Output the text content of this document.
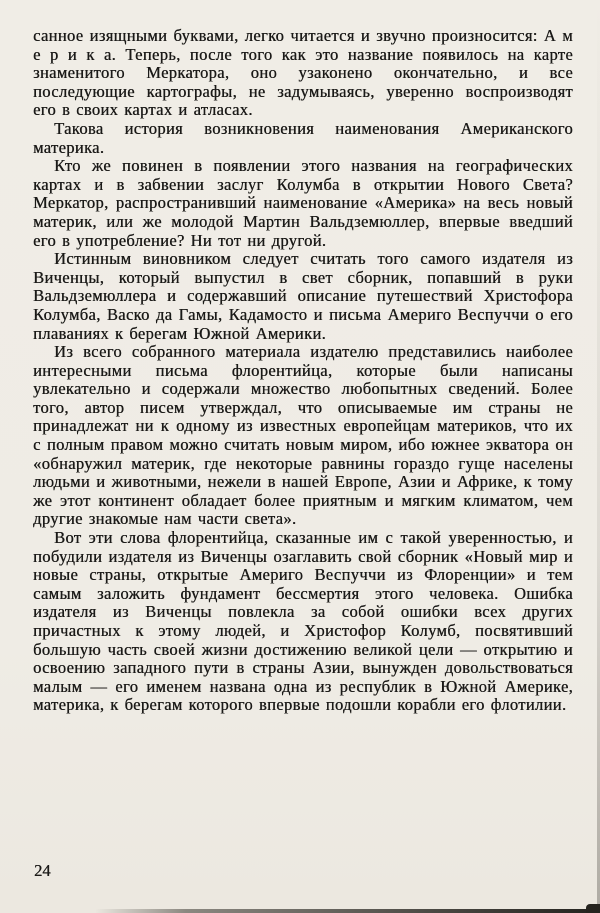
санное изящными буквами, легко читается и звучно произносится: А м е р и к а. Теперь, после того как это название появилось на карте знаменитого Меркатора, оно узаконено окончательно, и все последующие картографы, не задумываясь, уверенно воспроизводят его в своих картах и атласах.

Такова история возникновения наименования Американского материка.

Кто же повинен в появлении этого названия на географических картах и в забвении заслуг Колумба в открытии Нового Света? Меркатор, распространивший наименование «Америка» на весь новый материк, или же молодой Мартин Вальдземюллер, впервые введший его в употребление? Ни тот ни другой.

Истинным виновником следует считать того самого издателя из Виченцы, который выпустил в свет сборник, попавший в руки Вальдземюллера и содержавший описание путешествий Христофора Колумба, Васко да Гамы, Кадамосто и письма Америго Веспуччи о его плаваниях к берегам Южной Америки.

Из всего собранного материала издателю представились наиболее интересными письма флорентийца, которые были написаны увлекательно и содержали множество любопытных сведений. Более того, автор писем утверждал, что описываемые им страны не принадлежат ни к одному из известных европейцам материков, что их с полным правом можно считать новым миром, ибо южнее экватора он «обнаружил материк, где некоторые равнины гораздо гуще населены людьми и животными, нежели в нашей Европе, Азии и Африке, к тому же этот континент обладает более приятным и мягким климатом, чем другие знакомые нам части света».

Вот эти слова флорентийца, сказанные им с такой уверенностью, и побудили издателя из Виченцы озаглавить свой сборник «Новый мир и новые страны, открытые Америго Веспуччи из Флоренции» и тем самым заложить фундамент бессмертия этого человека. Ошибка издателя из Виченцы повлекла за собой ошибки всех других причастных к этому людей, и Христофор Колумб, посвятивший большую часть своей жизни достижению великой цели — открытию и освоению западного пути в страны Азии, вынужден довольствоваться малым — его именем названа одна из республик в Южной Америке, материка, к берегам которого впервые подошли корабли его флотилии.

24
